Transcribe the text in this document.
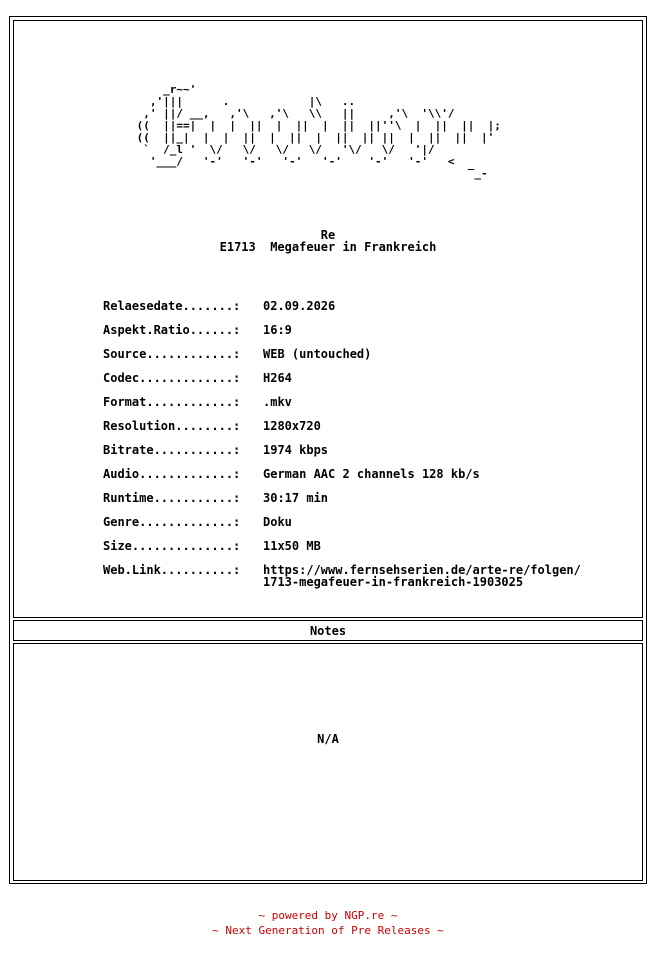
_r~~'
,'|||      .            |\   ..
,' ||/ __,   ,'\   ,'\   \\   ||     ,'\  '\\'/
((  ||==|  |  |  ||  |  ||  |  ||  ||''\  |  ||  ||  |;
((  ||_|  |  |  ||  |  ||  |  ||  || ||  |  ||  ||  |'
`  /_l '  \/   \/   \/   \/   '\/   \/   '|/
'___/   '-'   '-'   '-'   '-'    '-'   '-'   <
‾_-
Re
E1713  Megafeuer in Frankreich
Relaesedate.......: 02.09.2026
Aspekt.Ratio......: 16:9
Source............: WEB (untouched)
Codec.............: H264
Format............: .mkv
Resolution........: 1280x720
Bitrate...........: 1974 kbps
Audio.............: German AAC 2 channels 128 kb/s
Runtime...........: 30:17 min
Genre.............: Doku
Size..............: 11x50 MB
Web.Link..........: https://www.fernsehserien.de/arte-re/folgen/
1713-megafeuer-in-frankreich-1903025
Notes
N/A
~ powered by NGP.re ~
~ Next Generation of Pre Releases ~
